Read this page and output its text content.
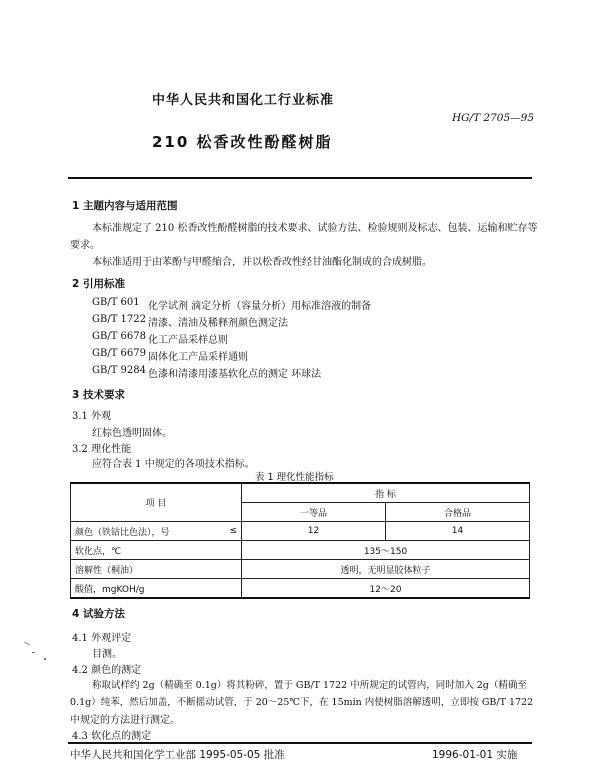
中华人民共和国化工行业标准
HG/T 2705—95
210 松香改性酚醛树脂
1 主题内容与适用范围
本标准规定了 210 松香改性酚醛树脂的技术要求、试验方法、检验规则及标志、包装、运输和贮存等
要求。
本标准适用于由苯酚与甲醛缩合，并以松香改性经甘油酯化制成的合成树脂。
2 引用标准
GB/T 601 化学试剂 滴定分析（容量分析）用标准溶液的制备
GB/T 1722 清漆、清油及稀释剂颜色测定法
GB/T 6678 化工产品采样总则
GB/T 6679 固体化工产品采样通则
GB/T 9284 色漆和清漆用漆基软化点的测定 环球法
3 技术要求
3.1 外观
红棕色透明固体。
3.2 理化性能
应符合表 1 中规定的各项技术指标。
表 1 理化性能指标
项 目		指 标	
		一等品	合格品
颜色（铁钴比色法），号	≤	12	14
软化点，℃		135～150	
溶解性（桐油）		透明，无明显胶体粒子	
酸值，mgKOH/g		12～20	
4 试验方法
4.1 外观评定
目测。
4.2 颜色的测定
称取试样约 2g（精确至 0.1g）将其粉碎，置于 GB/T 1722 中所规定的试管内，同时加入 2g（精确至
0.1g）纯苯，然后加盖，不断摇动试管，于 20～25℃下，在 15min 内使树脂溶解透明，立即按 GB/T 1722
中规定的方法进行测定。
4.3 软化点的测定
中华人民共和国化学工业部 1995-05-05 批准	1996-01-01 实施
